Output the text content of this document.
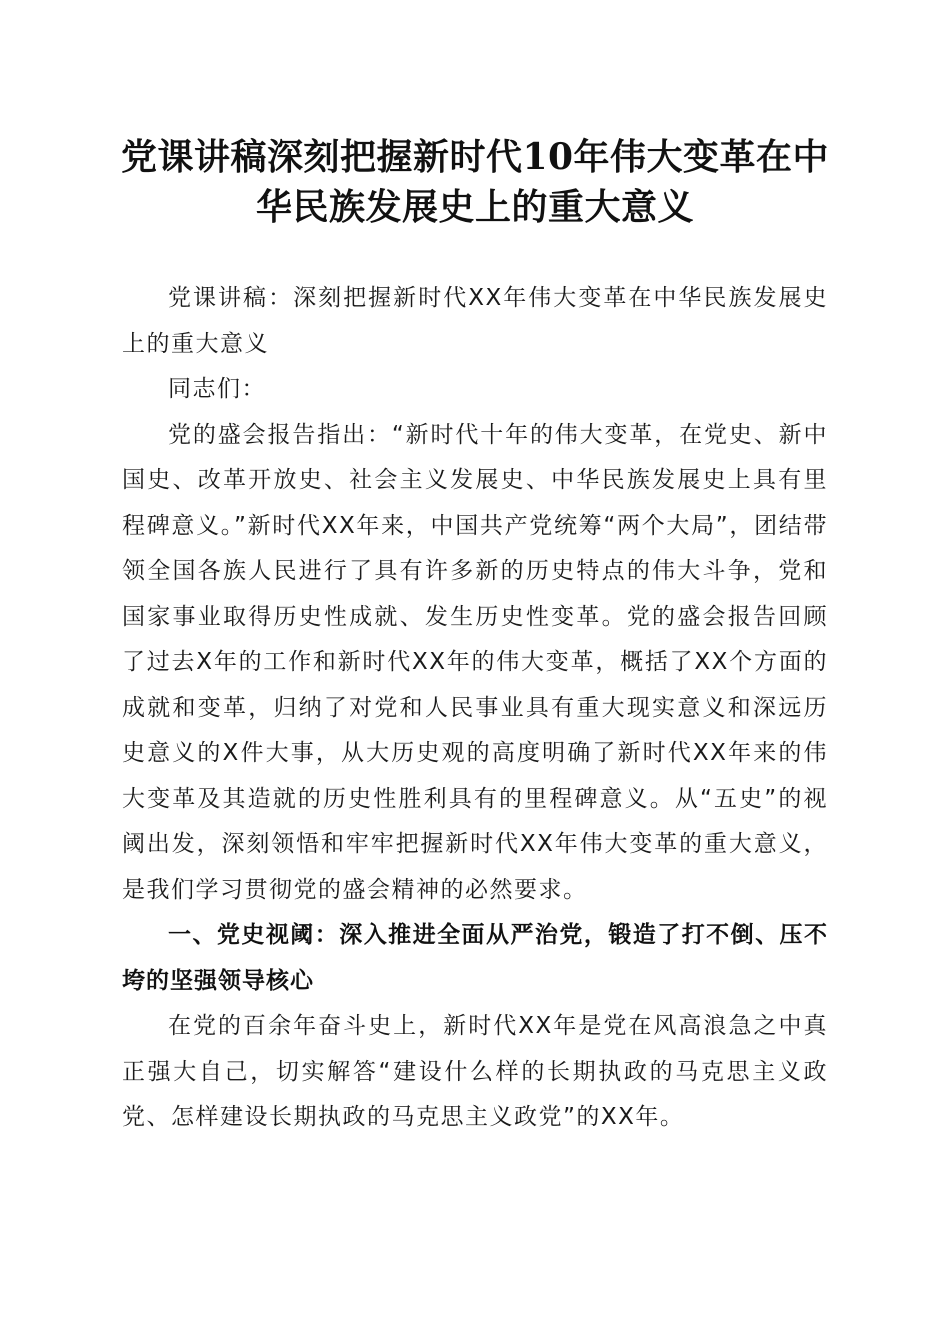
党课讲稿深刻把握新时代10年伟大变革在中
华民族发展史上的重大意义

党课讲稿：深刻把握新时代XX年伟大变革在中华民族发展史上的重大意义

同志们：

党的盛会报告指出：“新时代十年的伟大变革，在党史、新中国史、改革开放史、社会主义发展史、中华民族发展史上具有里程碑意义。”新时代XX年来，中国共产党统筹“两个大局”，团结带领全国各族人民进行了具有许多新的历史特点的伟大斗争，党和国家事业取得历史性成就、发生历史性变革。党的盛会报告回顾了过去X年的工作和新时代XX年的伟大变革，概括了XX个方面的成就和变革，归纳了对党和人民事业具有重大现实意义和深远历史意义的X件大事，从大历史观的高度明确了新时代XX年来的伟大变革及其造就的历史性胜利具有的里程碑意义。从“五史”的视阈出发，深刻领悟和牢牢把握新时代XX年伟大变革的重大意义，是我们学习贯彻党的盛会精神的必然要求。

一、党史视阈：深入推进全面从严治党，锻造了打不倒、压不垮的坚强领导核心

在党的百余年奋斗史上，新时代XX年是党在风高浪急之中真正强大自己，切实解答“建设什么样的长期执政的马克思主义政党、怎样建设长期执政的马克思主义政党”的XX年。
